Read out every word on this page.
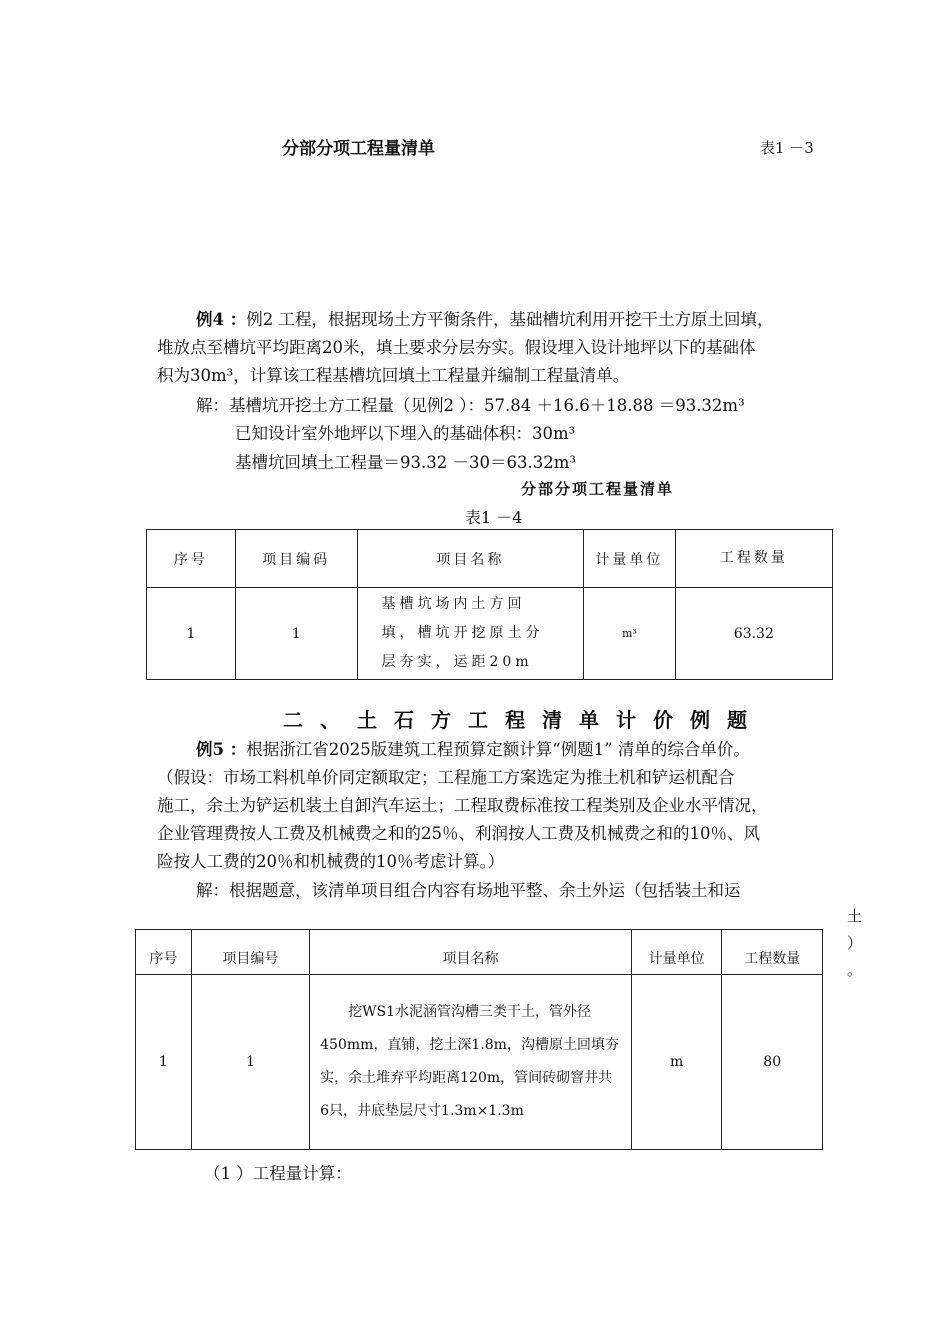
分部分项工程量清单	表1 －3
例4 ：例2 工程，根据现场土方平衡条件，基础槽坑利用开挖干土方原土回填，
堆放点至槽坑平均距离20米，填土要求分层夯实。假设埋入设计地坪以下的基础体
积为30m³，计算该工程基槽坑回填土工程量并编制工程量清单。
解：基槽坑开挖土方工程量（见例2 ）：57.84 ＋16.6＋18.88 ＝93.32m³
已知设计室外地坪以下埋入的基础体积：30m³
基槽坑回填土工程量＝93.32 －30＝63.32m³
分部分项工程量清单
表1 －4
序号	项目编码	项目名称	计量单位	工程数量
1	1	基槽坑场内土方回填，槽坑开挖原土分层夯实，运距20m	m³	63.32
二、土石方工程清单计价例题
例5 ：根据浙江省2025版建筑工程预算定额计算“例题1” 清单的综合单价。
（假设：市场工料机单价同定额取定；工程施工方案选定为推土机和铲运机配合
施工，余土为铲运机装土自卸汽车运土；工程取费标准按工程类别及企业水平情况，
企业管理费按人工费及机械费之和的25％、利润按人工费及机械费之和的10％、风
险按人工费的20％和机械费的10％考虑计算。）
解：根据题意，该清单项目组合内容有场地平整、余土外运（包括装土和运
土
）
。
序号	项目编号	项目名称	计量单位	工程数量
1	1	挖WS1水泥涵管沟槽三类干土，管外径450mm，直铺，挖土深1.8m，沟槽原土回填夯实，余土堆弃平均距离120m，管间砖砌窨井共6只，井底垫层尺寸1.3m×1.3m	m	80
（1 ）工程量计算：
